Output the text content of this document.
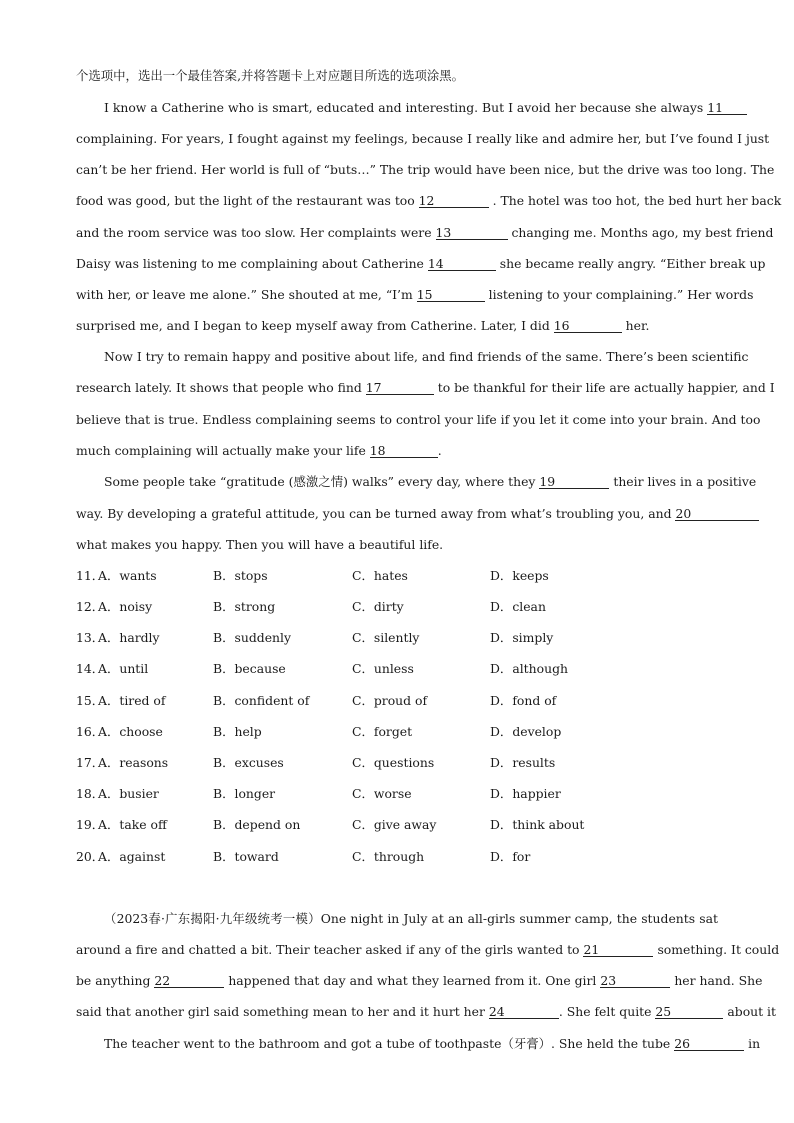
个选项中，选出一个最佳答案,并将答题卡上对应题目所选的选项涂黑。
I know a Catherine who is smart, educated and interesting. But I avoid her because she always 11
complaining. For years, I fought against my feelings, because I really like and admire her, but I’ve found I just
can’t be her friend. Her world is full of “buts…” The trip would have been nice, but the drive was too long. The
food was good, but the light of the restaurant was too 12	. The hotel was too hot, the bed hurt her back
and the room service was too slow. Her complaints were 13	changing me. Months ago, my best friend
Daisy was listening to me complaining about Catherine 14	she became really angry. “Either break up
with her, or leave me alone.” She shouted at me, “I’m 15	listening to your complaining.” Her words
surprised me, and I began to keep myself away from Catherine. Later, I did 16	her.
Now I try to remain happy and positive about life, and find friends of the same. There’s been scientific
research lately. It shows that people who find 17	to be thankful for their life are actually happier, and I
believe that is true. Endless complaining seems to control your life if you let it come into your brain. And too
much complaining will actually make your life 18	.
Some people take “gratitude (感激之情) walks” every day, where they 19	their lives in a positive
way. By developing a grateful attitude, you can be turned away from what’s troubling you, and 20
what makes you happy. Then you will have a beautiful life.
11．
A．wants	B．stops	C．hates	D．keeps
12．
A．noisy	B．strong	C．dirty	D．clean
13．
A．hardly	B．suddenly	C．silently	D．simply
14．
A．until	B．because	C．unless	D．although
15．
A．tired of	B．confident of	C．proud of	D．fond of
16．
A．choose	B．help	C．forget	D．develop
17．
A．reasons	B．excuses	C．questions	D．results
18．
A．busier	B．longer	C．worse	D．happier
19．
A．take off	B．depend on	C．give away	D．think about
20．
A．against	B．toward	C．through	D．for
（2023春·广东揭阳·九年级统考一模）One night in July at an all-girls summer camp, the students sat
around a fire and chatted a bit. Their teacher asked if any of the girls wanted to 21	something. It could
be anything 22	happened that day and what they learned from it. One girl 23	her hand. She
said that another girl said something mean to her and it hurt her 24	. She felt quite 25	about it
The teacher went to the bathroom and got a tube of toothpaste（牙膏）. She held the tube 26	in
